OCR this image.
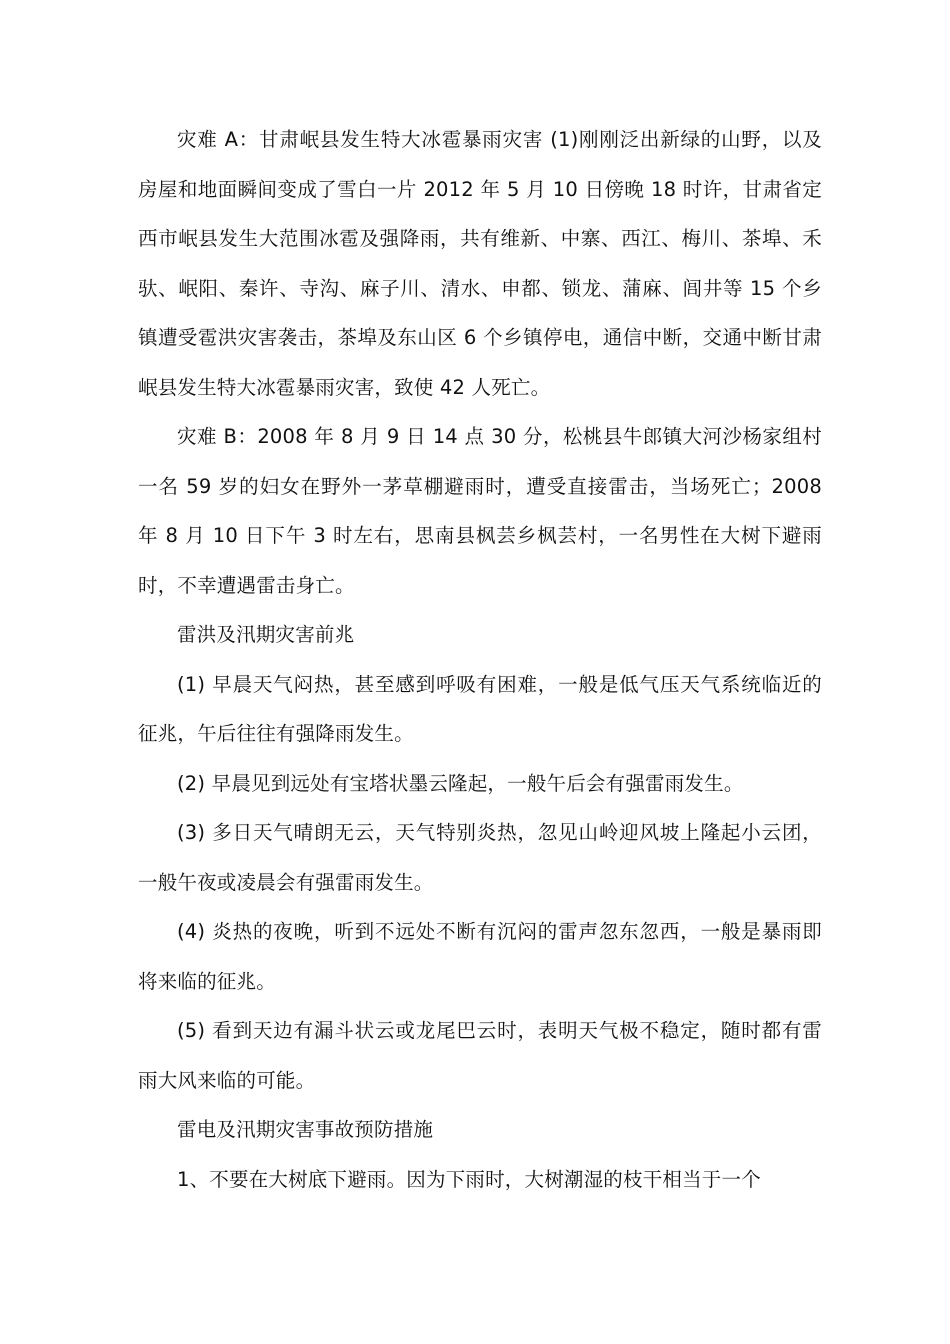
灾难 A：甘肃岷县发生特大冰雹暴雨灾害 (1)刚刚泛出新绿的山野，以及房屋和地面瞬间变成了雪白一片 2012 年 5 月 10 日傍晚 18 时许，甘肃省定西市岷县发生大范围冰雹及强降雨，共有维新、中寨、西江、梅川、茶埠、禾驮、岷阳、秦许、寺沟、麻子川、清水、申都、锁龙、蒲麻、闾井等 15 个乡镇遭受雹洪灾害袭击，茶埠及东山区 6 个乡镇停电，通信中断，交通中断甘肃岷县发生特大冰雹暴雨灾害，致使 42 人死亡。

灾难 B：2008 年 8 月 9 日 14 点 30 分，松桃县牛郎镇大河沙杨家组村一名 59 岁的妇女在野外一茅草棚避雨时，遭受直接雷击，当场死亡；2008 年 8 月 10 日下午 3 时左右，思南县枫芸乡枫芸村，一名男性在大树下避雨时，不幸遭遇雷击身亡。

雷洪及汛期灾害前兆

(1) 早晨天气闷热，甚至感到呼吸有困难，一般是低气压天气系统临近的征兆，午后往往有强降雨发生。

(2) 早晨见到远处有宝塔状墨云隆起，一般午后会有强雷雨发生。

(3) 多日天气晴朗无云，天气特别炎热，忽见山岭迎风坡上隆起小云团，一般午夜或凌晨会有强雷雨发生。

(4) 炎热的夜晚，听到不远处不断有沉闷的雷声忽东忽西，一般是暴雨即将来临的征兆。

(5) 看到天边有漏斗状云或龙尾巴云时，表明天气极不稳定，随时都有雷雨大风来临的可能。

雷电及汛期灾害事故预防措施

1、不要在大树底下避雨。因为下雨时，大树潮湿的枝干相当于一个
